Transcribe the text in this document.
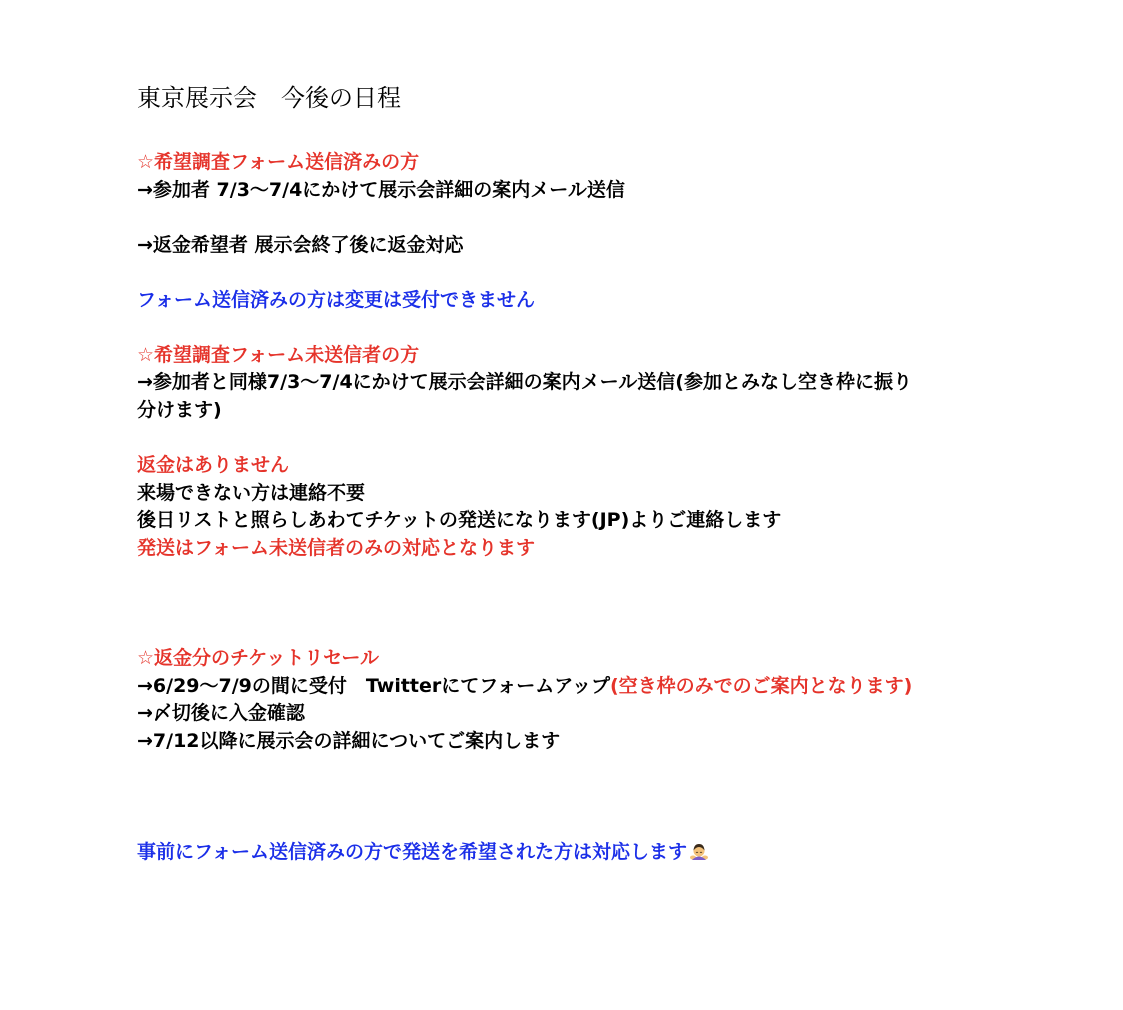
東京展示会　今後の日程
☆希望調査フォーム送信済みの方
→参加者 7/3〜7/4にかけて展示会詳細の案内メール送信
→返金希望者 展示会終了後に返金対応
フォーム送信済みの方は変更は受付できません
☆希望調査フォーム未送信者の方
→参加者と同様7/3〜7/4にかけて展示会詳細の案内メール送信(参加とみなし空き枠に振り
分けます)
返金はありません
来場できない方は連絡不要
後日リストと照らしあわてチケットの発送になります(JP)よりご連絡します
発送はフォーム未送信者のみの対応となります
☆返金分のチケットリセール
→6/29〜7/9の間に受付　Twitterにてフォームアップ(空き枠のみでのご案内となります)
→〆切後に入金確認
→7/12以降に展示会の詳細についてご案内します
事前にフォーム送信済みの方で発送を希望された方は対応します
